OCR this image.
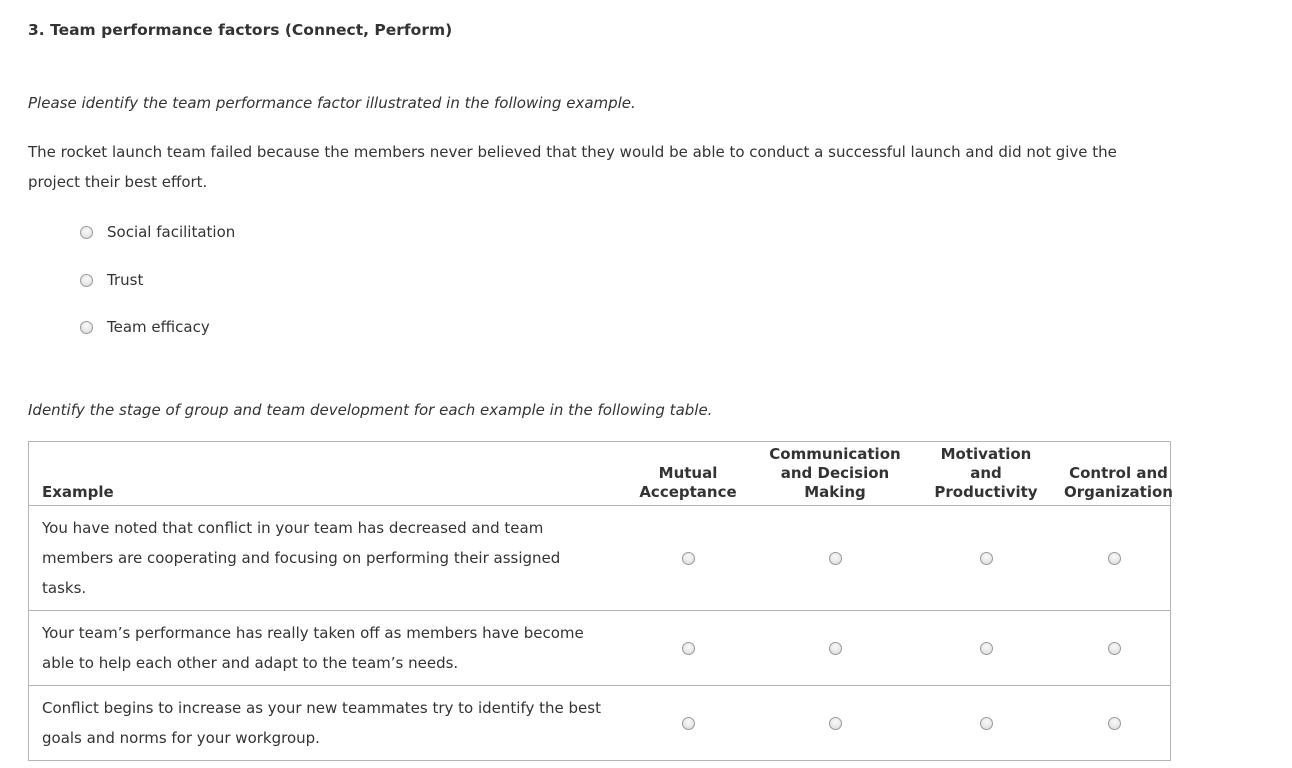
3. Team performance factors (Connect, Perform)
Please identify the team performance factor illustrated in the following example.
The rocket launch team failed because the members never believed that they would be able to conduct a successful launch and did not give the project their best effort.
Social facilitation
Trust
Team efficacy
Identify the stage of group and team development for each example in the following table.
Example	Mutual Acceptance	Communication and Decision Making	Motivation and Productivity	Control and Organization

You have noted that conflict in your team has decreased and team members are cooperating and focusing on performing their assigned tasks.				
Your team’s performance has really taken off as members have become able to help each other and adapt to the team’s needs.				
Conflict begins to increase as your new teammates try to identify the best goals and norms for your workgroup.				
